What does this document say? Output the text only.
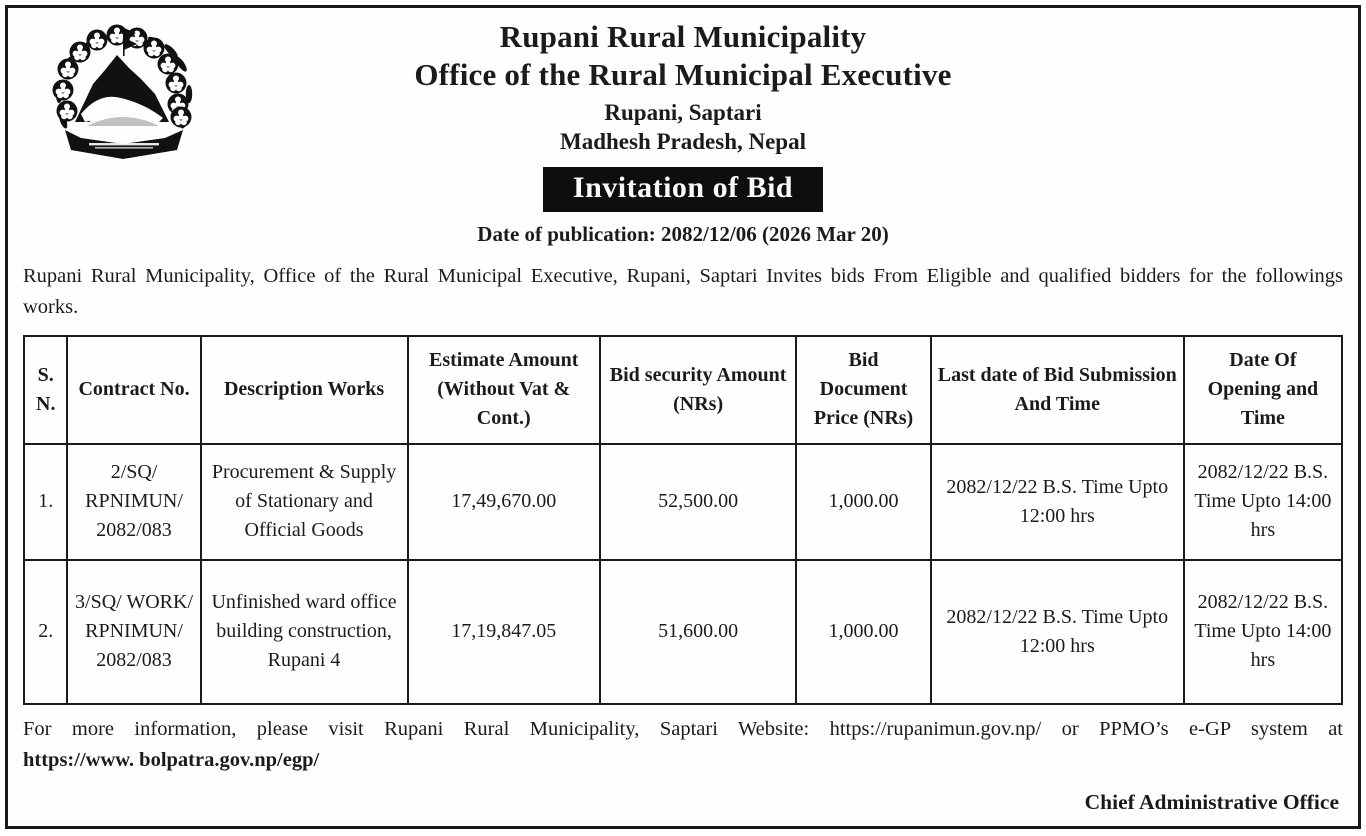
Rupani Rural Municipality
Office of the Rural Municipal Executive
Rupani, Saptari
Madhesh Pradesh, Nepal
Invitation of Bid
Date of publication: 2082/12/06 (2026 Mar 20)

Rupani Rural Municipality, Office of the Rural Municipal Executive, Rupani, Saptari Invites bids From Eligible and qualified bidders for the followings works.

S. N.	Contract No.	Description Works	Estimate Amount (Without Vat & Cont.)	Bid security Amount (NRs)	Bid Document Price (NRs)	Last date of Bid Submission And Time	Date Of Opening and Time
1.	2/SQ/ RPNIMUN/ 2082/083	Procurement & Supply of Stationary and Official Goods	17,49,670.00	52,500.00	1,000.00	2082/12/22 B.S. Time Upto 12:00 hrs	2082/12/22 B.S. Time Upto 14:00 hrs
2.	3/SQ/ WORK/ RPNIMUN/ 2082/083	Unfinished ward office building construction, Rupani 4	17,19,847.05	51,600.00	1,000.00	2082/12/22 B.S. Time Upto 12:00 hrs	2082/12/22 B.S. Time Upto 14:00 hrs

For more information, please visit Rupani Rural Municipality, Saptari Website: https://rupanimun.gov.np/ or PPMO’s e-GP system at

https://www. bolpatra.gov.np/egp/

Chief Administrative Office
